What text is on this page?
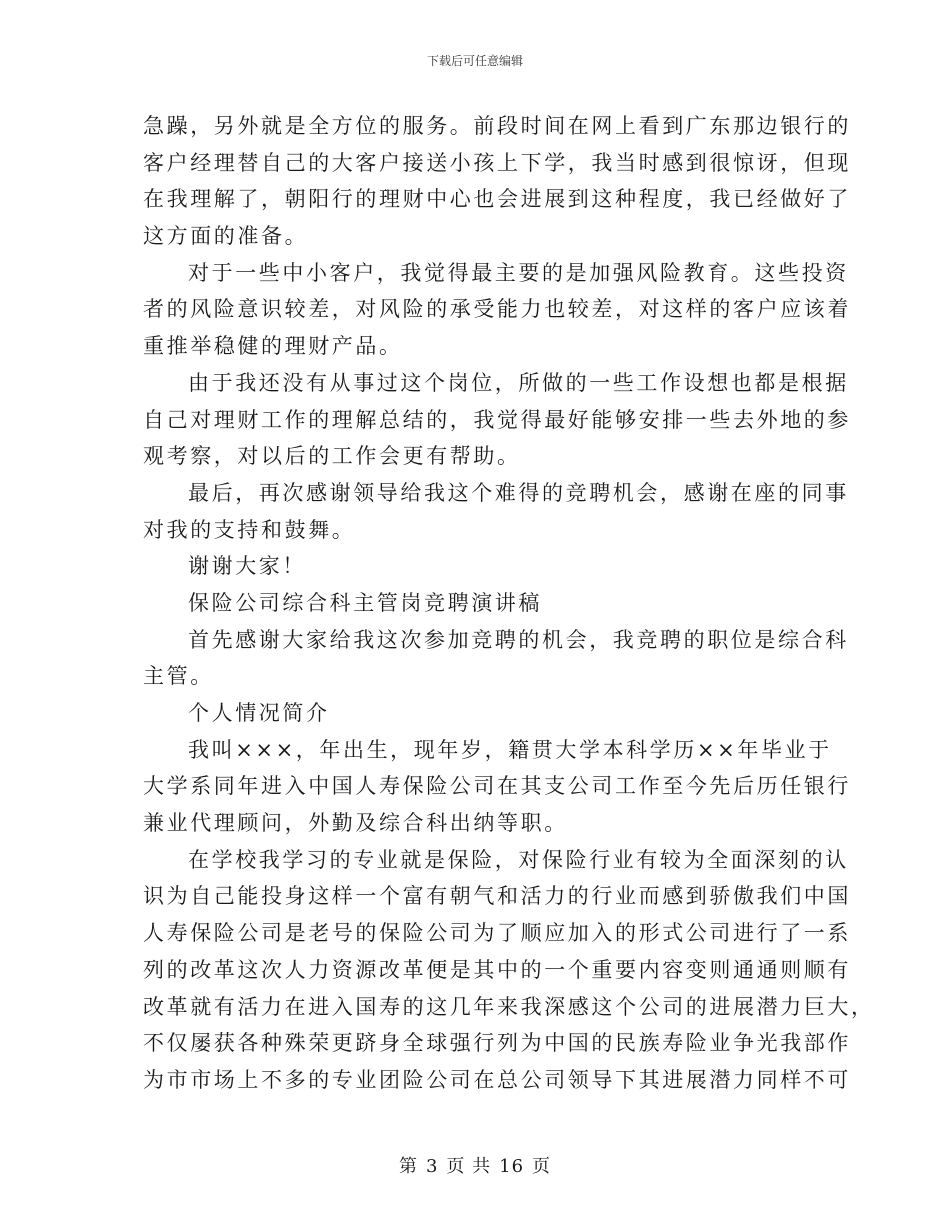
下载后可任意编辑
急躁，另外就是全方位的服务。前段时间在网上看到广东那边银行的
客户经理替自己的大客户接送小孩上下学，我当时感到很惊讶，但现
在我理解了，朝阳行的理财中心也会进展到这种程度，我已经做好了
这方面的准备。
对于一些中小客户，我觉得最主要的是加强风险教育。这些投资
者的风险意识较差，对风险的承受能力也较差，对这样的客户应该着
重推举稳健的理财产品。
由于我还没有从事过这个岗位，所做的一些工作设想也都是根据
自己对理财工作的理解总结的，我觉得最好能够安排一些去外地的参
观考察，对以后的工作会更有帮助。
最后，再次感谢领导给我这个难得的竞聘机会，感谢在座的同事
对我的支持和鼓舞。
谢谢大家！
保险公司综合科主管岗竞聘演讲稿
首先感谢大家给我这次参加竞聘的机会，我竞聘的职位是综合科
主管。
个人情况简介
我叫×××，年出生，现年岁，籍贯大学本科学历××年毕业于
大学系同年进入中国人寿保险公司在其支公司工作至今先后历任银行
兼业代理顾问，外勤及综合科出纳等职。
在学校我学习的专业就是保险，对保险行业有较为全面深刻的认
识为自己能投身这样一个富有朝气和活力的行业而感到骄傲我们中国
人寿保险公司是老号的保险公司为了顺应加入的形式公司进行了一系
列的改革这次人力资源改革便是其中的一个重要内容变则通通则顺有
改革就有活力在进入国寿的这几年来我深感这个公司的进展潜力巨大，
不仅屡获各种殊荣更跻身全球强行列为中国的民族寿险业争光我部作
为市市场上不多的专业团险公司在总公司领导下其进展潜力同样不可
第 3 页 共 16 页
